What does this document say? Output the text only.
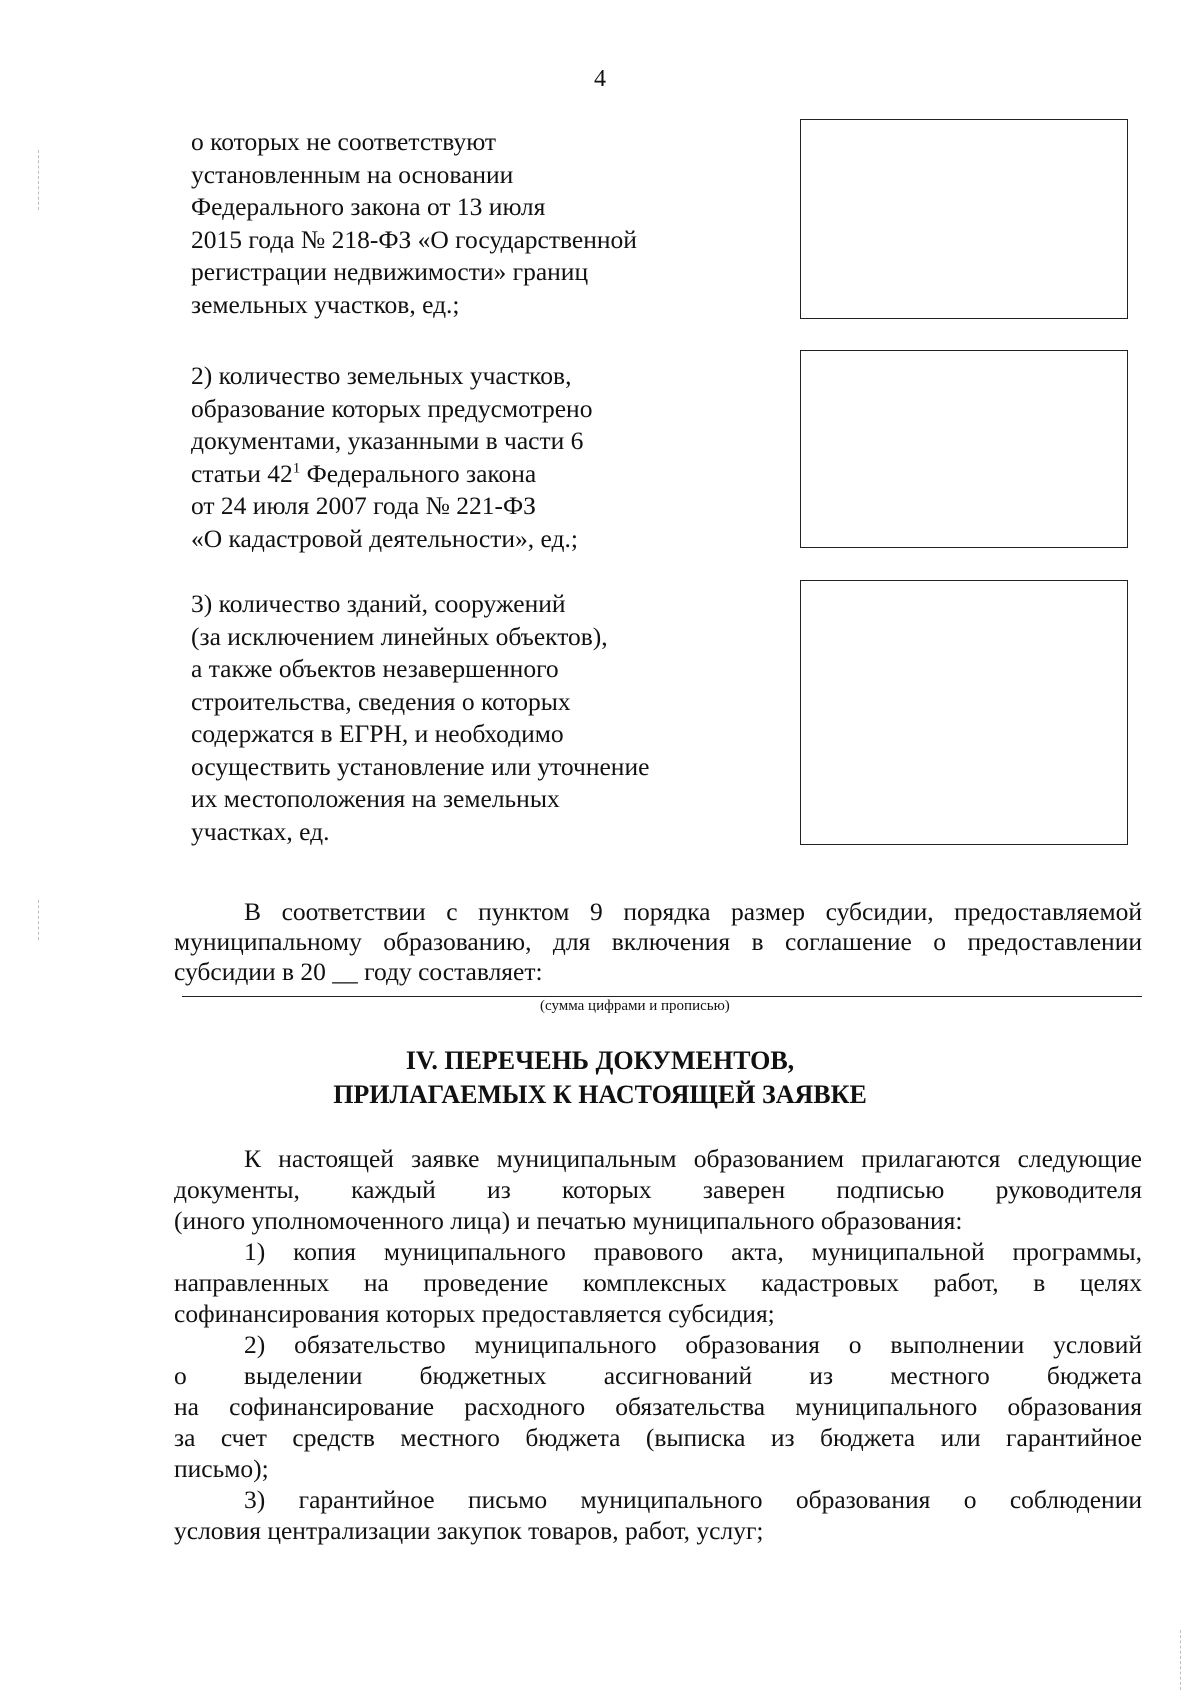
4
о которых не соответствуют
установленным на основании
Федерального закона от 13 июля
2015 года № 218-ФЗ «О государственной
регистрации недвижимости» границ
земельных участков, ед.;
2) количество земельных участков,
образование которых предусмотрено
документами, указанными в части 6
статьи $42^1$ Федерального закона
от 24 июля 2007 года № 221-ФЗ
«О кадастровой деятельности», ед.;
3) количество зданий, сооружений
(за исключением линейных объектов),
а также объектов незавершенного
строительства, сведения о которых
содержатся в ЕГРН, и необходимо
осуществить установление или уточнение
их местоположения на земельных
участках, ед.
В соответствии с пунктом 9 порядка размер субсидии, предоставляемой
муниципальному образованию, для включения в соглашение о предоставлении
субсидии в 20 __ году составляет:
(сумма цифрами и прописью)
IV. ПЕРЕЧЕНЬ ДОКУМЕНТОВ,
ПРИЛАГАЕМЫХ К НАСТОЯЩЕЙ ЗАЯВКЕ
К настоящей заявке муниципальным образованием прилагаются следующие
документы, каждый из которых заверен подписью руководителя
(иного уполномоченного лица) и печатью муниципального образования:
1) копия муниципального правового акта, муниципальной программы,
направленных на проведение комплексных кадастровых работ, в целях
софинансирования которых предоставляется субсидия;
2) обязательство муниципального образования о выполнении условий
о выделении бюджетных ассигнований из местного бюджета
на софинансирование расходного обязательства муниципального образования
за счет средств местного бюджета (выписка из бюджета или гарантийное
письмо);
3) гарантийное письмо муниципального образования о соблюдении
условия централизации закупок товаров, работ, услуг;
